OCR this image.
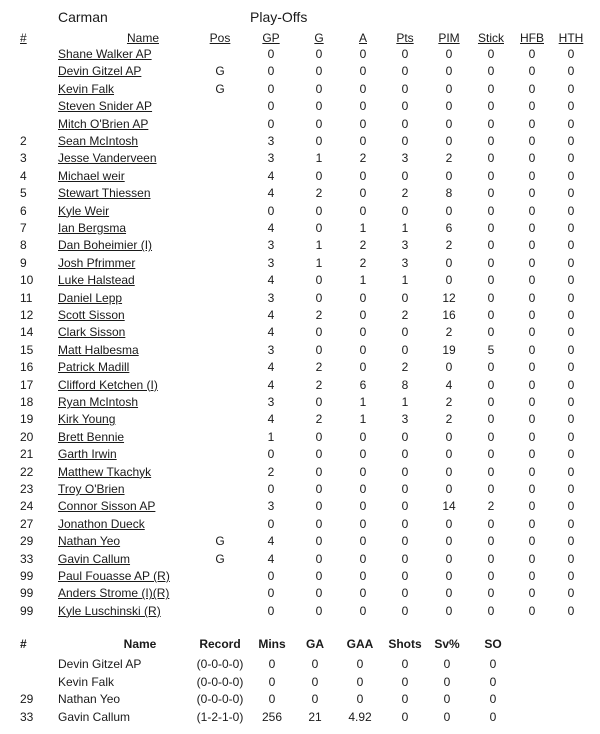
Carman	Play-Offs
#	Name	Pos	GP	G	A	Pts	PIM	Stick HFB HTH
Shane Walker AP	0	0	0	0	0	0	0	0
Devin Gitzel AP	G	0	0	0	0	0	0	0	0
Kevin Falk	G	0	0	0	0	0	0	0	0
Steven Snider AP	0	0	0	0	0	0	0	0
Mitch O'Brien AP	0	0	0	0	0	0	0	0
2	Sean McIntosh	3	0	0	0	0	0	0	0
3	Jesse Vanderveen	3	1	2	3	2	0	0	0
4	Michael weir	4	0	0	0	0	0	0	0
5	Stewart Thiessen	4	2	0	2	8	0	0	0
6	Kyle Weir	0	0	0	0	0	0	0	0
7	Ian Bergsma	4	0	1	1	6	0	0	0
8	Dan Boheimier (I)	3	1	2	3	2	0	0	0
9	Josh Pfrimmer	3	1	2	3	0	0	0	0
10	Luke Halstead	4	0	1	1	0	0	0	0
11	Daniel Lepp	3	0	0	0	12	0	0	0
12	Scott Sisson	4	2	0	2	16	0	0	0
14	Clark Sisson	4	0	0	0	2	0	0	0
15	Matt Halbesma	3	0	0	0	19	5	0	0
16	Patrick Madill	4	2	0	2	0	0	0	0
17	Clifford Ketchen (I)	4	2	6	8	4	0	0	0
18	Ryan McIntosh	3	0	1	1	2	0	0	0
19	Kirk Young	4	2	1	3	2	0	0	0
20	Brett Bennie	1	0	0	0	0	0	0	0
21	Garth Irwin	0	0	0	0	0	0	0	0
22	Matthew Tkachyk	2	0	0	0	0	0	0	0
23	Troy O'Brien	0	0	0	0	0	0	0	0
24	Connor Sisson AP	3	0	0	0	14	2	0	0
27	Jonathon Dueck	0	0	0	0	0	0	0	0
29	Nathan Yeo	G	4	0	0	0	0	0	0	0
33	Gavin Callum	G	4	0	0	0	0	0	0	0
99	Paul Fouasse AP (R)	0	0	0	0	0	0	0	0
99	Anders Strome (I)(R)	0	0	0	0	0	0	0	0
99	Kyle Luschinski (R)	0	0	0	0	0	0	0	0
#	Name	Record	Mins	GA	GAA	Shots Sv%	SO
Devin Gitzel AP	(0-0-0-0)	0	0	0	0	0	0
Kevin Falk	(0-0-0-0)	0	0	0	0	0	0
29 Nathan Yeo	(0-0-0-0)	0	0	0	0	0	0
33 Gavin Callum	(1-2-1-0)	256	21	4.92	0	0	0
